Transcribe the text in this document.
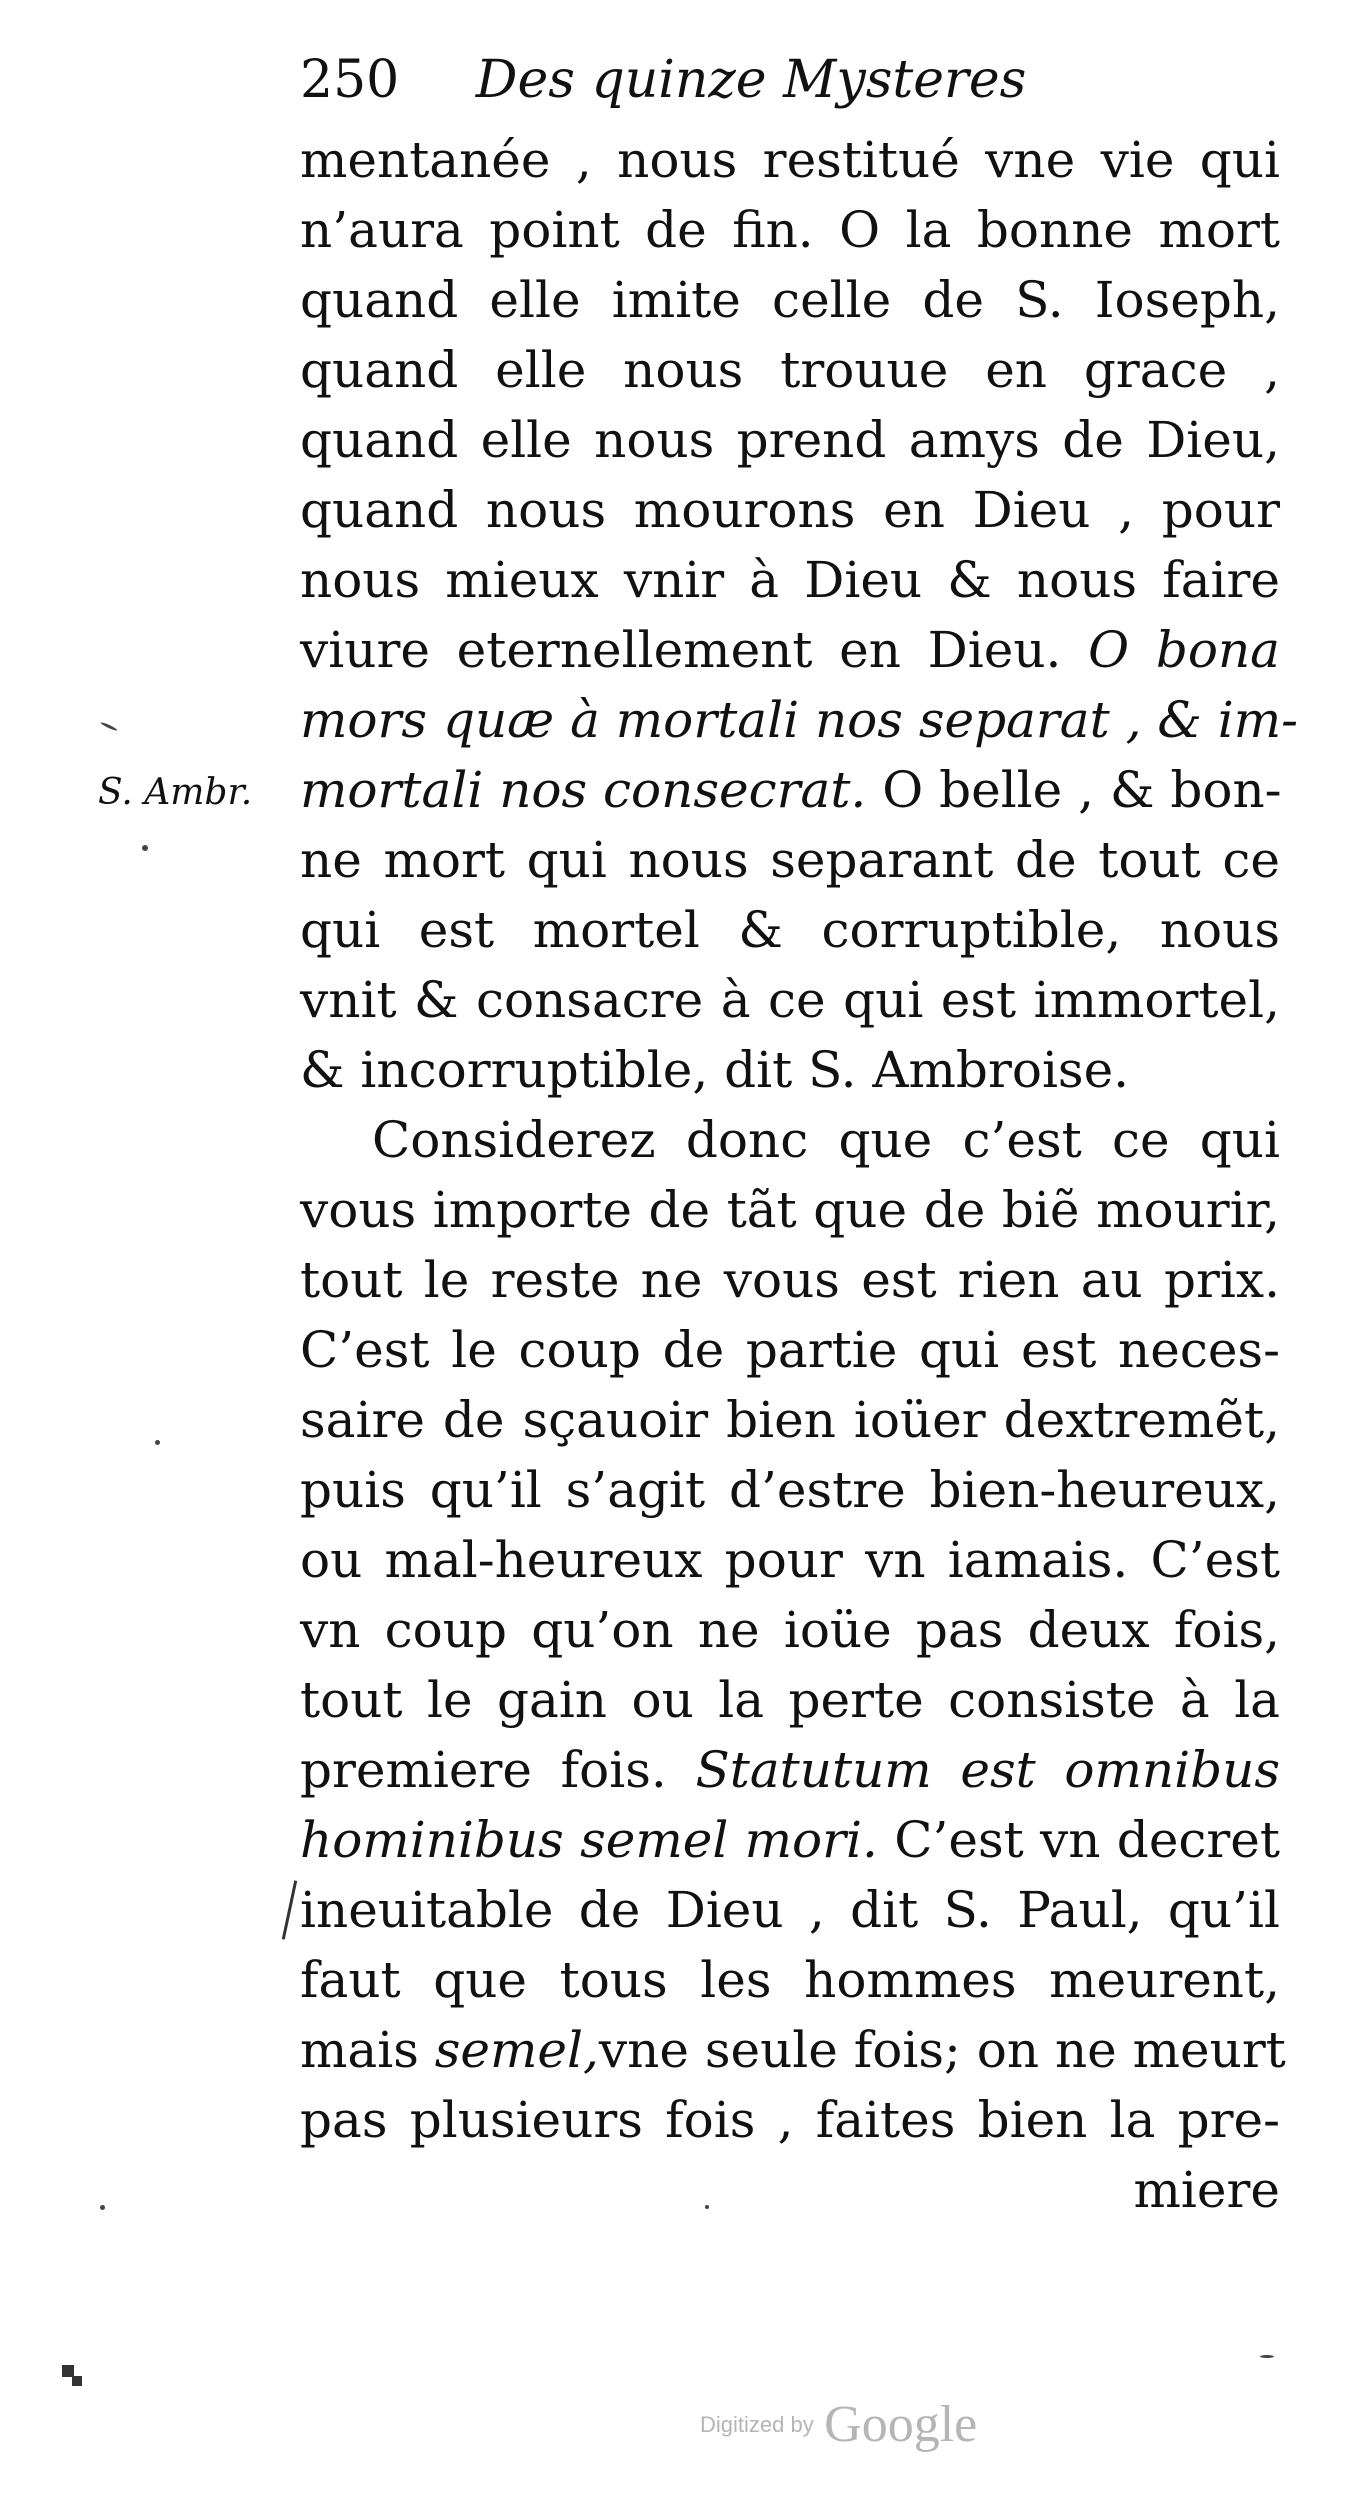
250 Des quinze Mysteres
S. Ambr.
mentanée , nous restitué vne vie qui
n’aura point de fin. O la bonne mort
quand elle imite celle de S. Ioseph,
quand elle nous trouue en grace ,
quand elle nous prend amys de Dieu,
quand nous mourons en Dieu , pour
nous mieux vnir à Dieu & nous faire
viure eternellement en Dieu. O bona
mors quæ à mortali nos separat , & im-
mortali nos consecrat. O belle , & bon-
ne mort qui nous separant de tout ce
qui est mortel & corruptible, nous
vnit & consacre à ce qui est immortel,
& incorruptible, dit S. Ambroise.
Considerez donc que c’est ce qui
vous importe de tãt que de biẽ mourir,
tout le reste ne vous est rien au prix.
C’est le coup de partie qui est neces-
saire de sçauoir bien ioüer dextremẽt,
puis qu’il s’agit d’estre bien-heureux,
ou mal-heureux pour vn iamais. C’est
vn coup qu’on ne ioüe pas deux fois,
tout le gain ou la perte consiste à la
premiere fois. Statutum est omnibus
hominibus semel mori. C’est vn decret
ineuitable de Dieu , dit S. Paul, qu’il
faut que tous les hommes meurent,
mais semel,vne seule fois; on ne meurt
pas plusieurs fois , faites bien la pre-
miere
Digitized by Google
